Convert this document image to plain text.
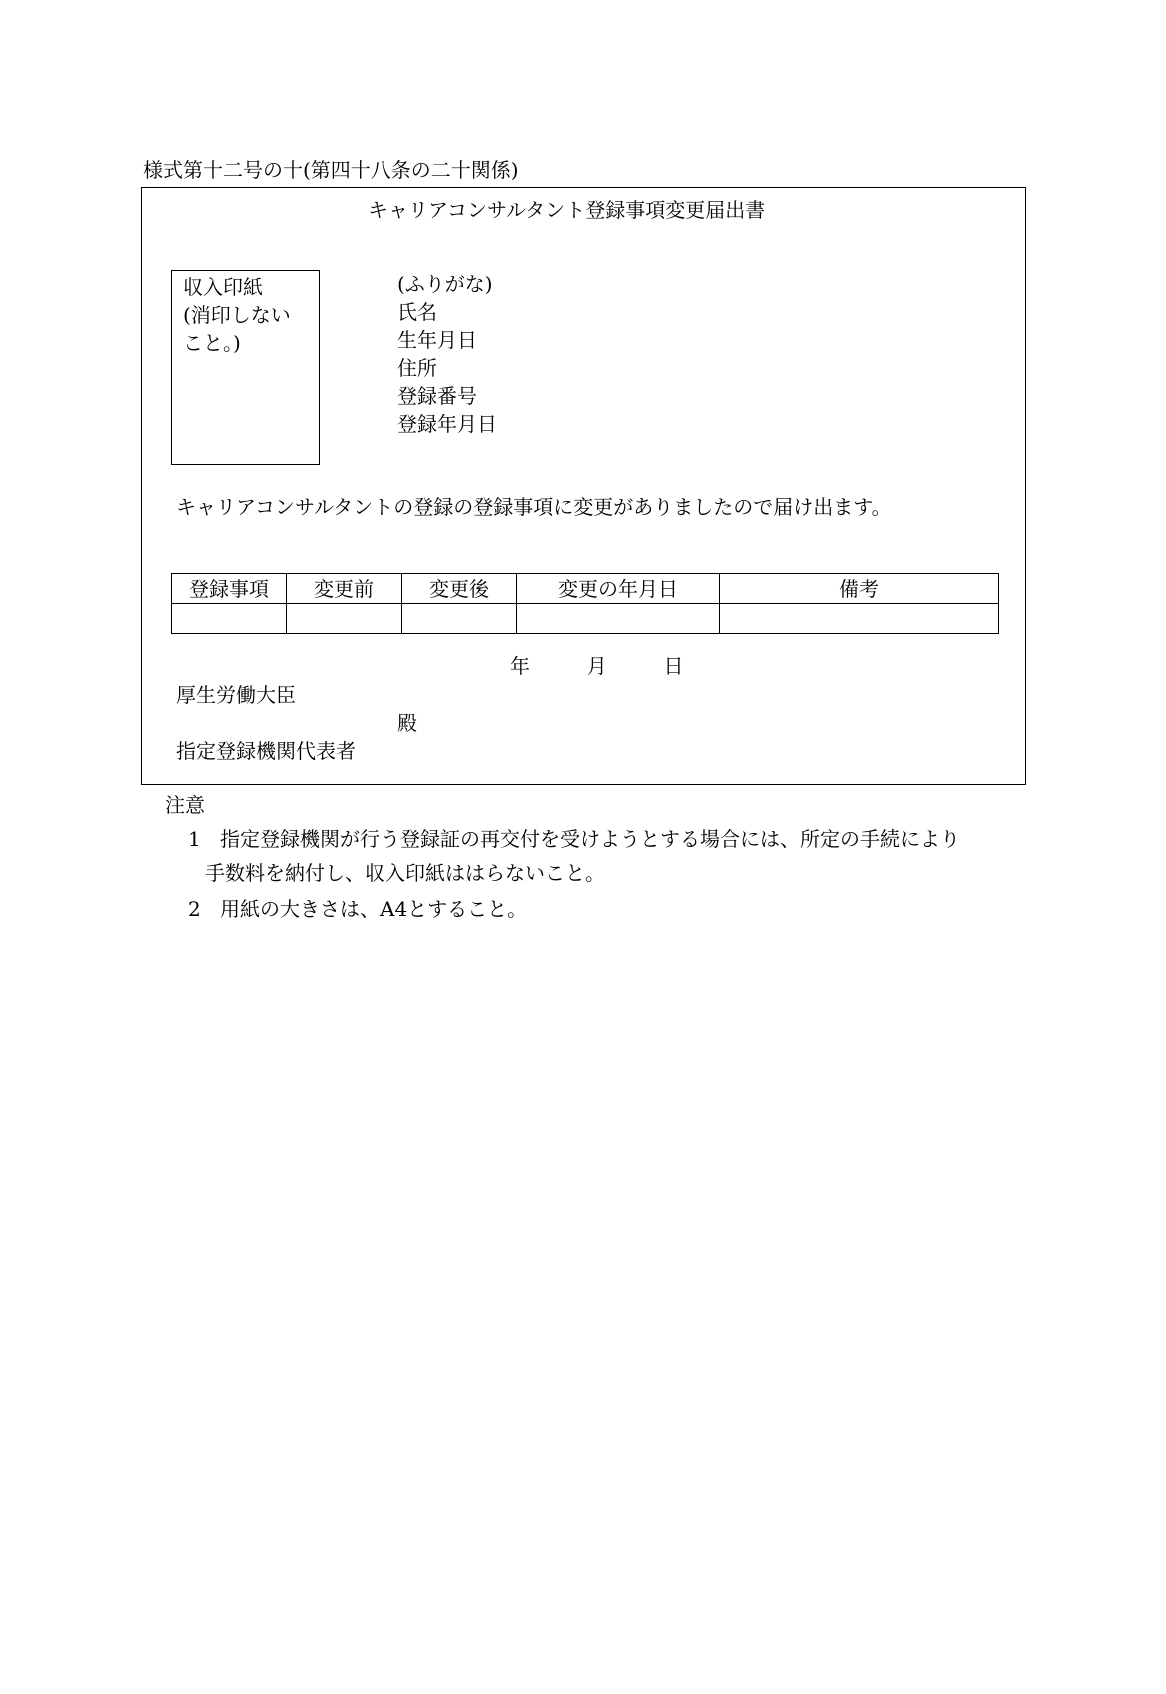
様式第十二号の十(第四十八条の二十関係)
キャリアコンサルタント登録事項変更届出書
収入印紙
(消印しない
こと。)
(ふりがな)
氏名
生年月日
住所
登録番号
登録年月日
キャリアコンサルタントの登録の登録事項に変更がありましたので届け出ます。
登録事項	変更前	変更後	変更の年月日	備考

年	月	日
厚生労働大臣
殿
指定登録機関代表者
注意
1 指定登録機関が行う登録証の再交付を受けようとする場合には、所定の手続により
手数料を納付し、収入印紙ははらないこと。
2 用紙の大きさは、A4とすること。
